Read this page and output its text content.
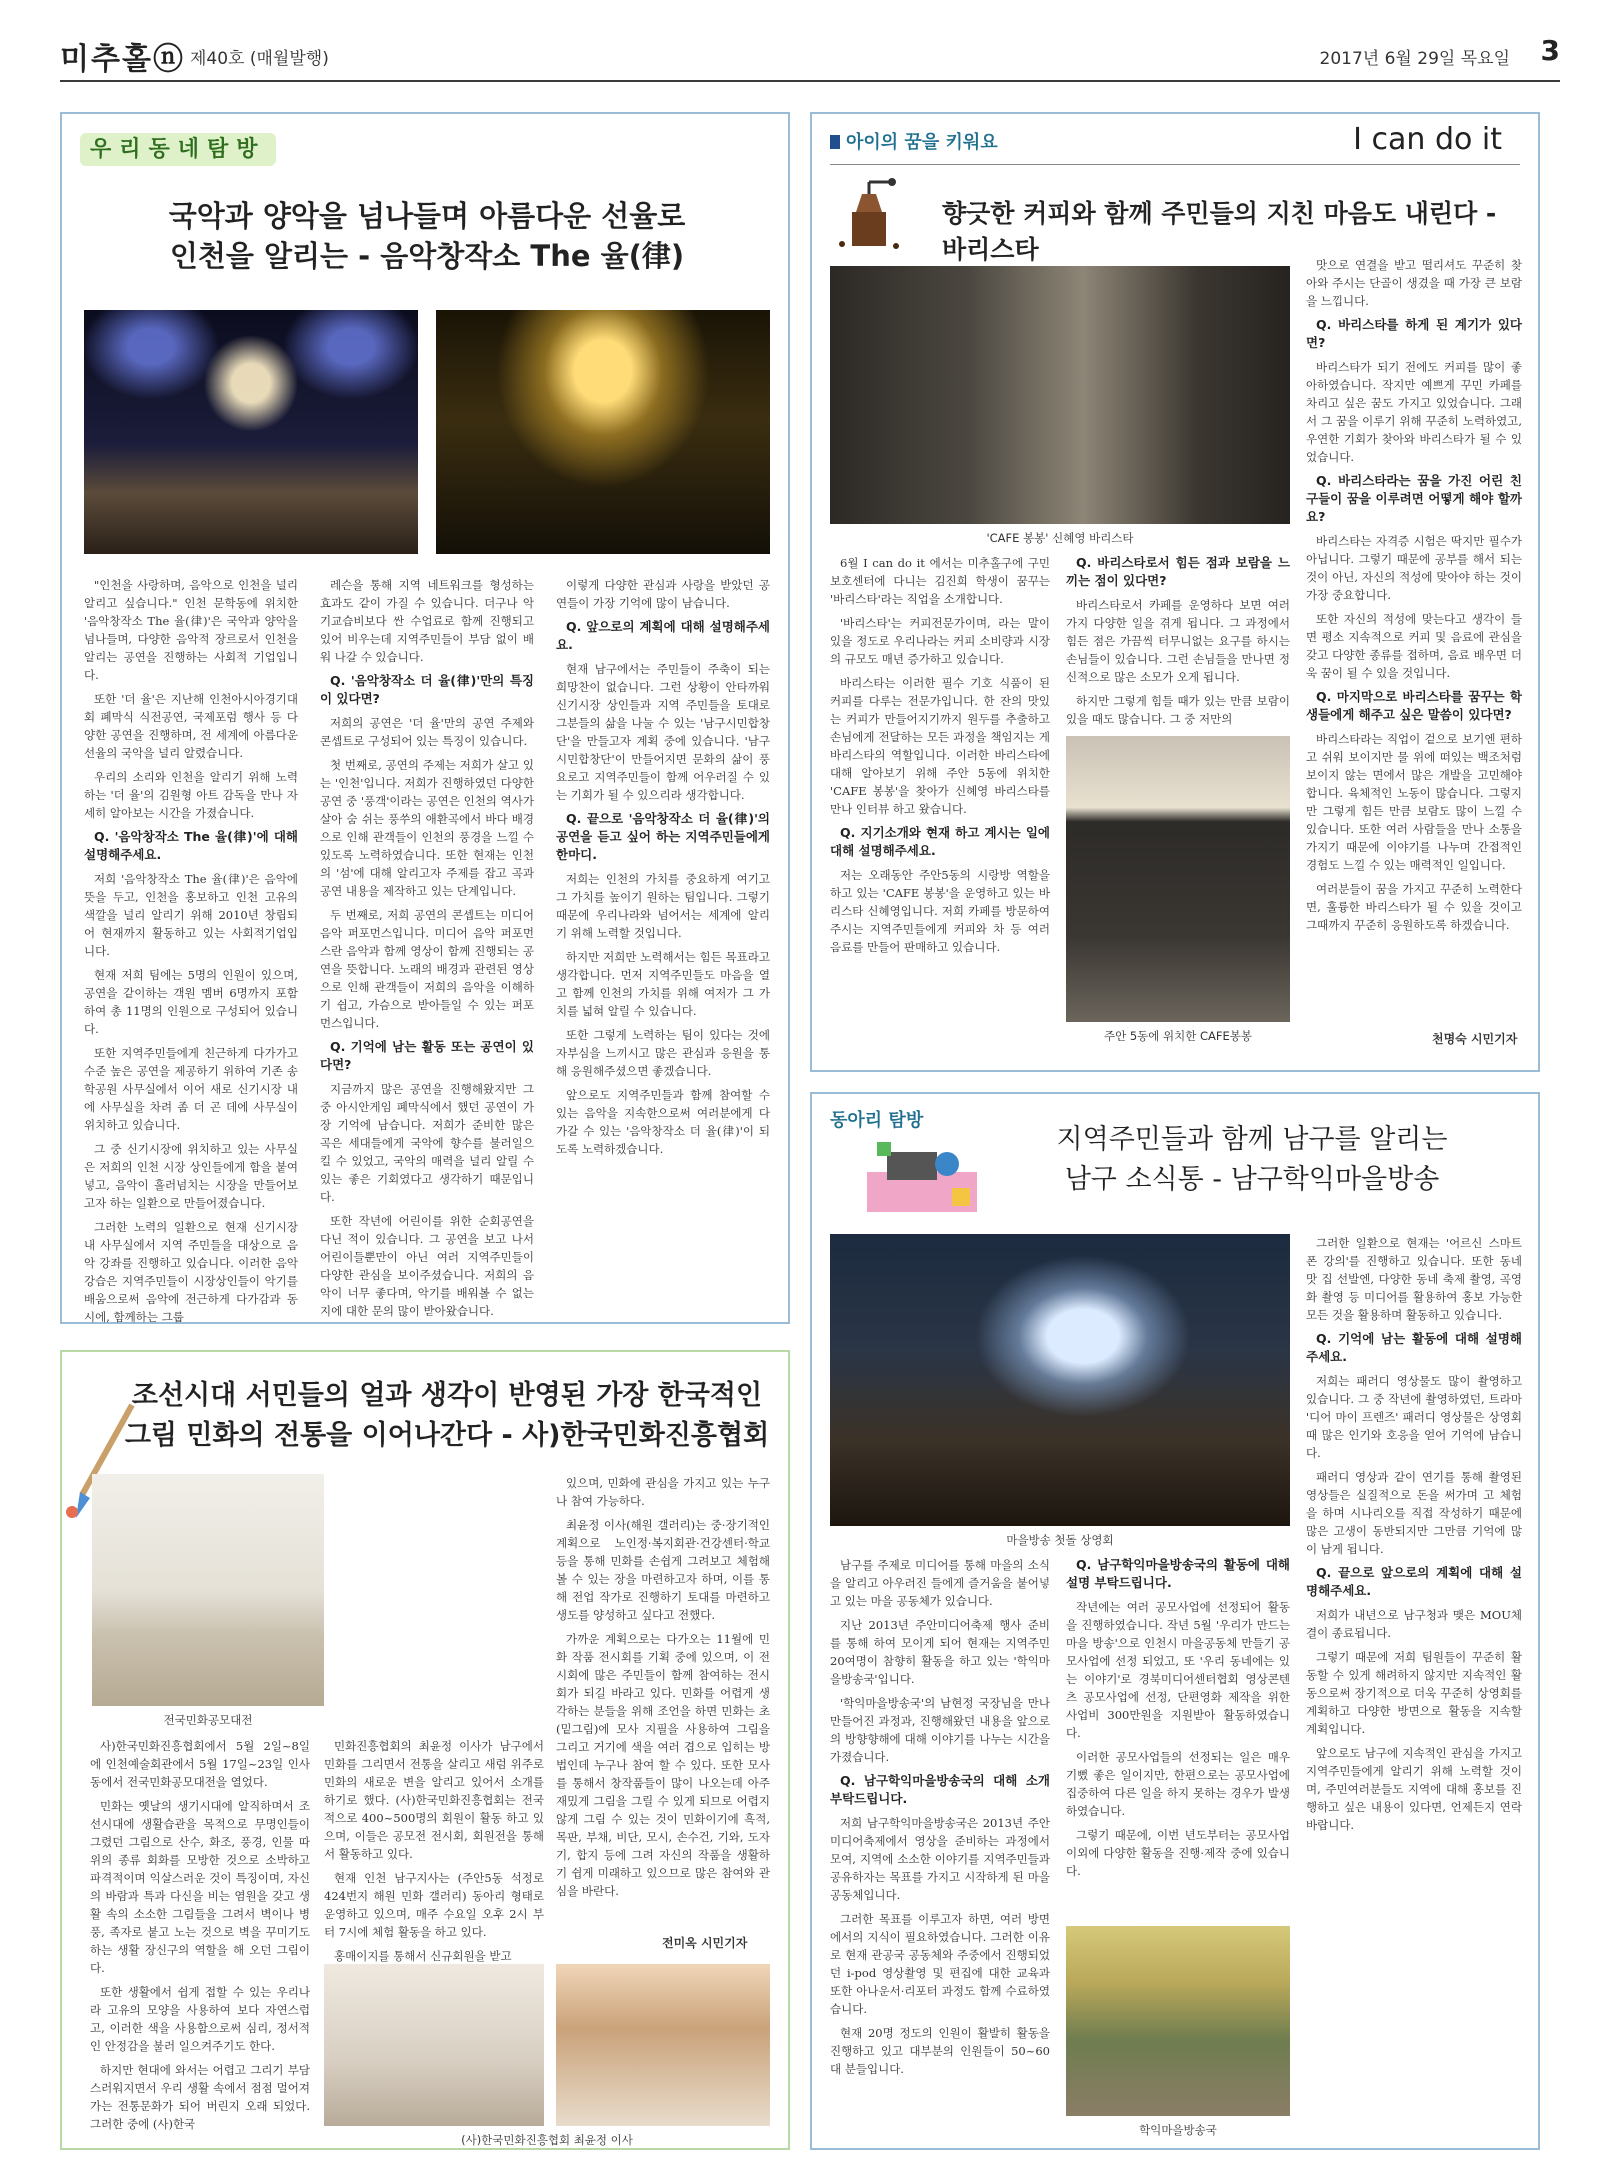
미추홀ⓝ 제40호 (매월발행)	2017년 6월 29일 목요일 3
우리동네탐방
국악과 양악을 넘나들며 아름다운 선율로
인천을 알리는 - 음악창작소 The 율(律)

"인천을 사랑하며, 음악으로 인천을 널리 알리고 싶습니다." 인천 문학동에 위치한 '음악창작소 The 율(律)'은 국악과 양악을 넘나들며, 다양한 음악적 장르로서 인천을 알리는 공연을 진행하는 사회적 기업입니다.

또한 '더 율'은 지난해 인천아시아경기대회 폐막식 식전공연, 국제포럼 행사 등 다양한 공연을 진행하며, 전 세계에 아름다운 선율의 국악을 널리 알렸습니다.

우리의 소리와 인천을 알리기 위해 노력하는 '더 율'의 김원형 아트 감독을 만나 자세히 알아보는 시간을 가졌습니다.

Q. '음악창작소 The 율(律)'에 대해 설명해주세요.

저희 '음악창작소 The 율(律)'은 음악에 뜻을 두고, 인천을 홍보하고 인천 고유의 색깔을 널리 알리기 위해 2010년 창립되어 현재까지 활동하고 있는 사회적기업입니다.

현재 저희 팀에는 5명의 인원이 있으며, 공연을 같이하는 객원 멤버 6명까지 포함하여 총 11명의 인원으로 구성되어 있습니다.

또한 지역주민들에게 친근하게 다가가고 수준 높은 공연을 제공하기 위하여 기존 송학공원 사무실에서 이어 새로 신기시장 내에 사무실을 차려 좀 더 곤 데에 사무실이 위치하고 있습니다.

그 중 신기시장에 위치하고 있는 사무실은 저희의 인천 시장 상인들에게 함을 붙여넣고, 음악이 흘러넘치는 시장을 만들어보고자 하는 일환으로 만들어졌습니다.

그러한 노력의 일환으로 현재 신기시장 내 사무실에서 지역 주민들을 대상으로 음악 강좌를 진행하고 있습니다. 이러한 음악강습은 지역주민들이 시장상인들이 악기를 배움으로써 음악에 전근하게 다가감과 동시에, 함께하는 그룹

레슨을 통해 지역 네트워크를 형성하는 효과도 같이 가질 수 있습니다. 더구나 악기교습비보다 싼 수업료로 함께 진행되고 있어 비우는데 지역주민들이 부담 없이 배워 나갈 수 있습니다.

Q. '음악창작소 더 율(律)'만의 특징이 있다면?

저희의 공연은 '더 율'만의 공연 주제와 콘셉트로 구성되어 있는 특징이 있습니다.

첫 번째로, 공연의 주제는 저희가 살고 있는 '인천'입니다. 저희가 진행하였던 다양한 공연 중 '풍객'이라는 공연은 인천의 역사가 살아 숨 쉬는 풍쑤의 애환곡에서 바다 배경으로 인해 관객들이 인천의 풍경을 느낄 수 있도록 노력하였습니다. 또한 현재는 인천의 '섬'에 대해 알리고자 주제를 잡고 곡과 공연 내용을 제작하고 있는 단계입니다.

두 번째로, 저희 공연의 콘셉트는 미디어 음악 퍼포먼스입니다. 미디어 음악 퍼포먼스란 음악과 함께 영상이 함께 진행되는 공연을 뜻합니다. 노래의 배경과 관련된 영상으로 인해 관객들이 저희의 음악을 이해하기 쉽고, 가슴으로 받아들일 수 있는 퍼포먼스입니다.

Q. 기억에 남는 활동 또는 공연이 있다면?

지금까지 많은 공연을 진행해왔지만 그 중 아시안게임 폐막식에서 했던 공연이 가장 기억에 남습니다. 저희가 준비한 많은 곡은 세대들에게 국악에 향수를 불러일으킬 수 있었고, 국악의 매력을 널리 알릴 수 있는 좋은 기회였다고 생각하기 때문입니다.

또한 작년에 어린이를 위한 순회공연을 다닌 적이 있습니다. 그 공연을 보고 나서 어린이들뿐만이 아닌 여러 지역주민들이 다양한 관심을 보이주셨습니다. 저희의 음악이 너무 좋다며, 악기를 배워볼 수 없는지에 대한 문의 많이 받아왔습니다.

이렇게 다양한 관심과 사랑을 받았던 공연들이 가장 기억에 많이 남습니다.

Q. 앞으로의 계획에 대해 설명해주세요.

현재 남구에서는 주민들이 주축이 되는 희망찬이 없습니다. 그런 상황이 안타까워 신기시장 상인들과 지역 주민들을 토대로 그분들의 삶을 나눌 수 있는 '남구시민합창단'을 만들고자 계획 중에 있습니다. '남구시민합창단'이 만들어지면 문화의 삶이 풍요로고 지역주민들이 함께 어우러질 수 있는 기회가 될 수 있으리라 생각합니다.

Q. 끝으로 '음악창작소 더 율(律)'의 공연을 듣고 싶어 하는 지역주민들에게 한마디.

저희는 인천의 가치를 중요하게 여기고 그 가치를 높이기 원하는 팀입니다. 그렇기 때문에 우리나라와 넘어서는 세계에 알리기 위해 노력할 것입니다.

하지만 저희만 노력해서는 힘든 목표라고 생각합니다. 먼저 지역주민들도 마음을 열고 함께 인천의 가치를 위해 여저가 그 가치를 넓혀 알릴 수 있습니다.

또한 그렇게 노력하는 팀이 있다는 것에 자부심을 느끼시고 많은 관심과 응원을 통해 응원해주셨으면 좋겠습니다.

앞으로도 지역주민들과 함께 참여할 수 있는 음악을 지속한으로써 여러분에게 다가갈 수 있는 '음악창작소 더 율(律)'이 되도록 노력하겠습니다.

조선시대 서민들의 얼과 생각이 반영된 가장 한국적인
그림 민화의 전통을 이어나간다 - 사)한국민화진흥협회
전국민화공모대전

사)한국민화진흥협회에서 5월 2일~8일에 인천예술회관에서 5월 17일~23일 인사동에서 전국민화공모대전을 열었다.

민화는 옛날의 생기시대에 알직하며서 조선시대에 생활습관을 목적으로 무명인들이 그렸던 그림으로 산수, 화조, 풍경, 인물 따위의 종류 회화를 모방한 것으로 소박하고 파격적이며 익살스러운 것이 특징이며, 자신의 바람과 특과 다신을 비는 염원을 갖고 생활 속의 소소한 그림들을 그려서 벽이나 병풍, 족자로 붙고 노는 것으로 벽을 꾸미기도 하는 생활 장신구의 역할을 해 오던 그림이다.

또한 생활에서 쉽게 접할 수 있는 우리나라 고유의 모양을 사용하여 보다 자연스럽고, 이러한 색을 사용함으로써 심리, 정서적인 안정감을 불러 일으켜주기도 한다.

하지만 현대에 와서는 어렵고 그리기 부담스러워지면서 우리 생활 속에서 점점 멀어져 가는 전통문화가 되어 버린지 오래 되었다. 그러한 중에 (사)한국

민화진흥협회의 최윤정 이사가 남구에서 민화를 그리면서 전통을 살리고 새럼 위주로 민화의 새로운 변을 알리고 있어서 소개를 하기로 했다. (사)한국민화진흥협회는 전국적으로 400~500명의 회원이 활동 하고 있으며, 이들은 공모전 전시회, 회원전을 통해서 활동하고 있다.

현재 인천 남구지사는 (주안5동 석정로 424번지 해원 민화 갤러리) 동아리 형태로 운영하고 있으며, 매주 수요일 오후 2시 부터 7시에 체험 활동을 하고 있다.

홍매이지를 통해서 신규회원을 받고

있으며, 민화에 관심을 가지고 있는 누구나 참여 가능하다.

최윤정 이사(해원 갤러리)는 중·장기적인 계획으로 노인정·복지회관·건강센터·학교 등을 통해 민화를 손쉽게 그려보고 체험해 볼 수 있는 장을 마련하고자 하며, 이를 통해 전업 작가로 진행하기 토대를 마련하고 생도를 양성하고 싶다고 전했다.

가까운 계획으로는 다가오는 11월에 민화 작품 전시회를 기획 중에 있으며, 이 전시회에 많은 주민들이 함께 참여하는 전시회가 되길 바라고 있다. 민화를 어렵게 생각하는 분들을 위해 조언을 하면 민화는 초(밑그림)에 모사 지필을 사용하여 그림을 그리고 거기에 색을 여러 겹으로 입히는 방법인데 누구나 참여 할 수 있다. 또한 모사를 통해서 창작품들이 많이 나오는데 아주 재밌게 그림을 그릴 수 있게 되므로 어렵지 않게 그림 수 있는 것이 민화이기에 흑적, 목판, 부채, 비단, 모시, 손수건, 기와, 도자기, 합지 등에 그려 자신의 작품을 생활하기 쉽게 미래하고 있으므로 많은 참여와 관심을 바란다.

전미옥 시민기자
(사)한국민화진흥협회 최윤정 이사
아이의 꿈을 키워요	I can do it
향긋한 커피와 함께 주민들의 지친 마음도 내린다 - 바리스타
'CAFE 봉봉' 신혜영 바리스타

6월 I can do it 에서는 미추홀구에 구민 보호센터에 다니는 김진희 학생이 꿈꾸는 '바리스타'라는 직업을 소개합니다.

'바리스타'는 커피전문가이며, 라는 말이 있을 정도로 우리나라는 커피 소비량과 시장의 규모도 매년 증가하고 있습니다.

바리스타는 이러한 필수 기호 식품이 된 커피를 다루는 전문가입니다. 한 잔의 맛있는 커피가 만들어지기까지 원두를 추출하고 손님에게 전달하는 모든 과정을 책임지는 게 바리스타의 역할입니다. 이러한 바리스타에 대해 알아보기 위해 주안 5동에 위치한 'CAFE 봉봉'을 찾아가 신혜영 바리스타를 만나 인터뷰 하고 왔습니다.

Q. 지기소개와 현재 하고 계시는 일에 대해 설명해주세요.

저는 오래동안 주안5동의 시랑방 역할을 하고 있는 'CAFE 봉봉'을 운영하고 있는 바리스타 신혜영입니다. 저희 카페를 방문하여 주시는 지역주민들에게 커피와 차 등 여러 음료를 만들어 판매하고 있습니다.

Q. 바리스타로서 힘든 점과 보람을 느끼는 점이 있다면?

바리스타로서 카페를 운영하다 보면 여러 가지 다양한 일을 겪게 됩니다. 그 과정에서 힘든 점은 가끔씩 터무니없는 요구를 하시는 손님들이 있습니다. 그런 손님들을 만나면 정신적으로 많은 소모가 오게 됩니다.

하지만 그렇게 힘들 때가 있는 만큼 보람이 있을 때도 많습니다. 그 중 저만의

주안 5동에 위치한 CAFE봉봉

맛으로 연결을 받고 떨리셔도 꾸준히 찾아와 주시는 단골이 생겼을 때 가장 큰 보람을 느낍니다.

Q. 바리스타를 하게 된 계기가 있다면?

바리스타가 되기 전에도 커피를 많이 좋아하였습니다. 작지만 예쁘게 꾸민 카페를 차리고 싶은 꿈도 가지고 있었습니다. 그래서 그 꿈을 이루기 위해 꾸준히 노력하였고, 우연한 기회가 찾아와 바리스타가 될 수 있었습니다.

Q. 바리스타라는 꿈을 가진 어린 친구들이 꿈을 이루려면 어떻게 해야 할까요?

바리스타는 자격증 시험은 딱지만 필수가 아닙니다. 그렇기 때문에 공부를 해서 되는 것이 아닌, 자신의 적성에 맞아야 하는 것이 가장 중요합니다.

또한 자신의 적성에 맞는다고 생각이 들면 평소 지속적으로 커피 및 음료에 관심을 갖고 다양한 종류를 접하며, 음료 배우면 더욱 꿈이 될 수 있을 것입니다.

Q. 마지막으로 바리스타를 꿈꾸는 학생들에게 해주고 싶은 말씀이 있다면?

바리스타라는 직업이 겉으로 보기엔 편하고 쉬워 보이지만 물 위에 떠있는 백조처럼 보이지 않는 면에서 많은 개발을 고민해야 합니다. 육체적인 노동이 많습니다. 그렇지만 그렇게 힘든 만큼 보람도 많이 느낄 수 있습니다. 또한 여러 사람들을 만나 소통을 가지기 때문에 이야기를 나누며 간접적인 경험도 느낄 수 있는 매력적인 일입니다.

여러분들이 꿈을 가지고 꾸준히 노력한다면, 훌륭한 바리스타가 될 수 있을 것이고 그때까지 꾸준히 응원하도록 하겠습니다.

천명숙 시민기자
동아리 탐방
지역주민들과 함께 남구를 알리는
남구 소식통 - 남구학익마을방송
마을방송 첫돌 상영회

남구를 주제로 미디어를 통해 마을의 소식을 알리고 아우러진 들에게 즐거움을 붙어넣고 있는 마을 공동체가 있습니다.

지난 2013년 주안미디어축제 행사 준비를 통해 하여 모이게 되어 현재는 지역주민 20여명이 참향히 활동을 하고 있는 '학익마을방송국'입니다.

'학익마을방송국'의 남현정 국장님을 만나 만들어진 과정과, 진행해왔던 내용을 앞으로의 방향향해에 대해 이야기를 나누는 시간을 가졌습니다.

Q. 남구학익마을방송국의 대해 소개 부탁드립니다.

저희 남구학익마을방송국은 2013년 주안미디어축제에서 영상을 준비하는 과정에서 모여, 지역에 소소한 이야기를 지역주민들과 공유하자는 목표를 가지고 시작하게 된 마을공동체입니다.

그러한 목표를 이루고자 하면, 여러 방면에서의 지식이 필요하였습니다. 그러한 이유로 현재 관공국 공동체와 주중에서 진행되었던 i-pod 영상촬영 및 편집에 대한 교육과 또한 아나운서·리포터 과정도 함께 수료하였습니다.

현재 20명 정도의 인원이 활발히 활동을 진행하고 있고 대부분의 인원들이 50~60대 분들입니다.

Q. 남구학익마을방송국의 활동에 대해 설명 부탁드립니다.

작년에는 여러 공모사업에 선정되어 활동을 진행하였습니다. 작년 5월 '우리가 만드는 마을 방송'으로 인천시 마을공동체 만들기 공모사업에 선정 되었고, 또 '우리 동네에는 있는 이야기'로 경북미디어센터협회 영상콘텐츠 공모사업에 선정, 단편영화 제작을 위한 사업비 300만원을 지원받아 활동하였습니다.

이러한 공모사업들의 선정되는 일은 매우 기뻤 좋은 일이지만, 한편으로는 공모사업에 집중하여 다른 일을 하지 못하는 경우가 발생하였습니다.

그렇기 때문에, 이번 년도부터는 공모사업 이외에 다양한 활동을 진행·제작 중에 있습니다.

학익마을방송국

그러한 일환으로 현재는 '어르신 스마트 폰 강의'를 진행하고 있습니다. 또한 동네 맛 집 선발엔, 다양한 동네 축제 촬영, 곡영화 촬영 등 미디어를 활용하여 홍보 가능한 모든 것을 활용하며 활동하고 있습니다.

Q. 기억에 남는 활동에 대해 설명해주세요.

저희는 패러디 영상물도 많이 촬영하고 있습니다. 그 중 작년에 촬영하였던, 트라마 '디어 마이 프렌즈' 패러디 영상물은 상영회 때 많은 인기와 호응을 얻어 기억에 남습니다.

패러디 영상과 같이 연기를 통해 촬영된 영상들은 실질적으로 돈을 써가며 고 체험을 하며 시나리오를 직접 작성하기 때문에 많은 고생이 동반되지만 그만큼 기억에 많이 남게 됩니다.

Q. 끝으로 앞으로의 계획에 대해 설명해주세요.

저희가 내년으로 남구청과 맺은 MOU체결이 종료됩니다.

그렇기 때문에 저희 팀원들이 꾸준히 활동할 수 있게 해려하지 않지만 지속적인 활동으로써 장기적으로 더욱 꾸준히 상영회를 계획하고 다양한 방면으로 활동을 지속할 계획입니다.

앞으로도 남구에 지속적인 관심을 가지고 지역주민들에게 알리기 위해 노력할 것이며, 주민여러분들도 지역에 대해 홍보를 진행하고 싶은 내용이 있다면, 언제든지 연락 바랍니다.
